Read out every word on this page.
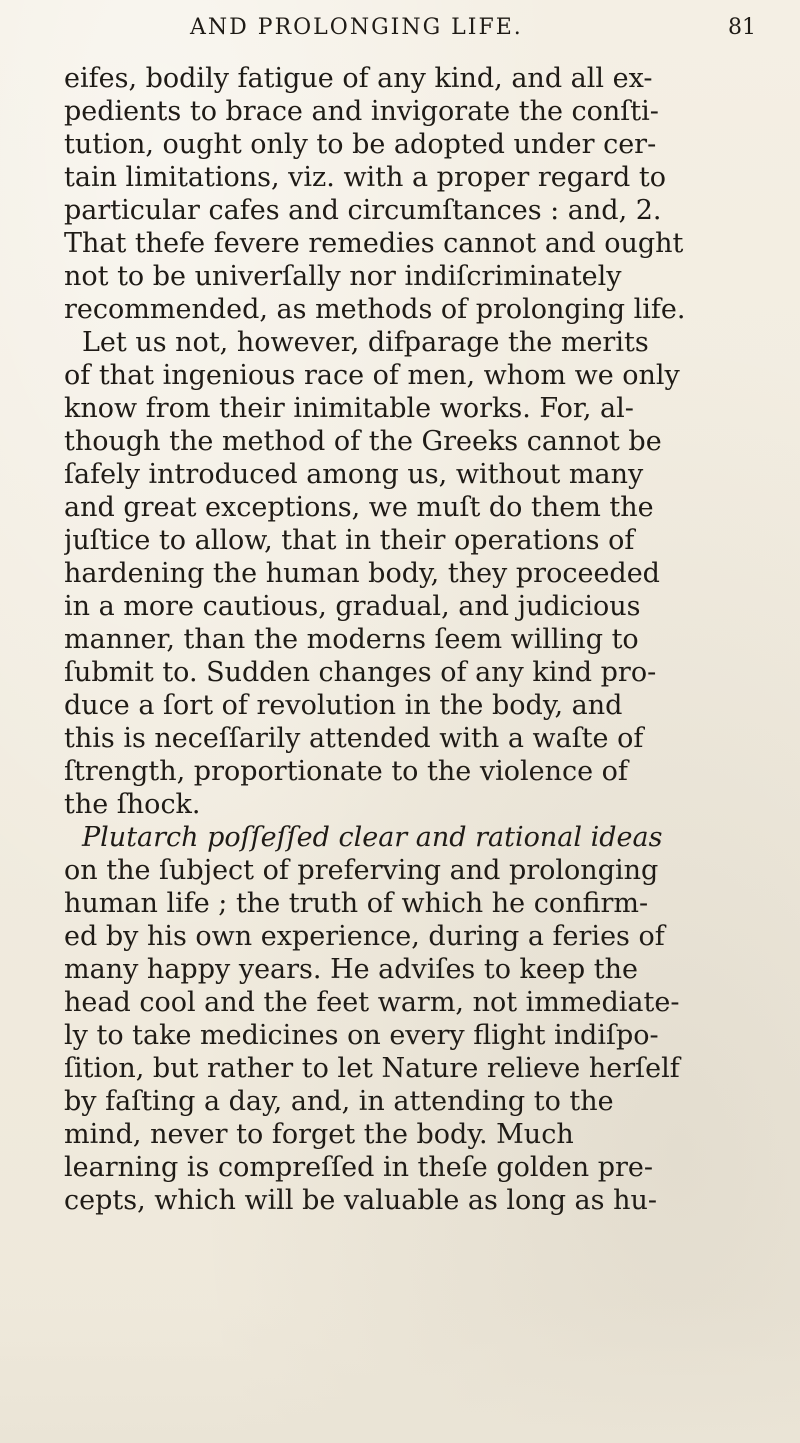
AND PROLONGING LIFE.	81
eifes, bodily fatigue of any kind, and all ex-
pedients to brace and invigorate the conſti-
tution, ought only to be adopted under cer-
tain limitations, viz. with a proper regard to
particular cafes and circumſtances : and, 2.
That thefe fevere remedies cannot and ought
not to be univerſally nor indiſcriminately
recommended, as methods of prolonging life.
Let us not, however, difparage the merits
of that ingenious race of men, whom we only
know from their inimitable works. For, al-
though the method of the Greeks cannot be
ſafely introduced among us, without many
and great exceptions, we muſt do them the
juſtice to allow, that in their operations of
hardening the human body, they proceeded
in a more cautious, gradual, and judicious
manner, than the moderns ſeem willing to
ſubmit to. Sudden changes of any kind pro-
duce a ſort of revolution in the body, and
this is neceſſarily attended with a waſte of
ſtrength, proportionate to the violence of
the ſhock.
Plutarch poſſeſſed clear and rational ideas
on the ſubject of preferving and prolonging
human life ; the truth of which he confirm-
ed by his own experience, during a feries of
many happy years. He adviſes to keep the
head cool and the feet warm, not immediate-
ly to take medicines on every flight indiſpo-
ſition, but rather to let Nature relieve herſelf
by faſting a day, and, in attending to the
mind, never to forget the body. Much
learning is compreſſed in theſe golden pre-
cepts, which will be valuable as long as hu-
